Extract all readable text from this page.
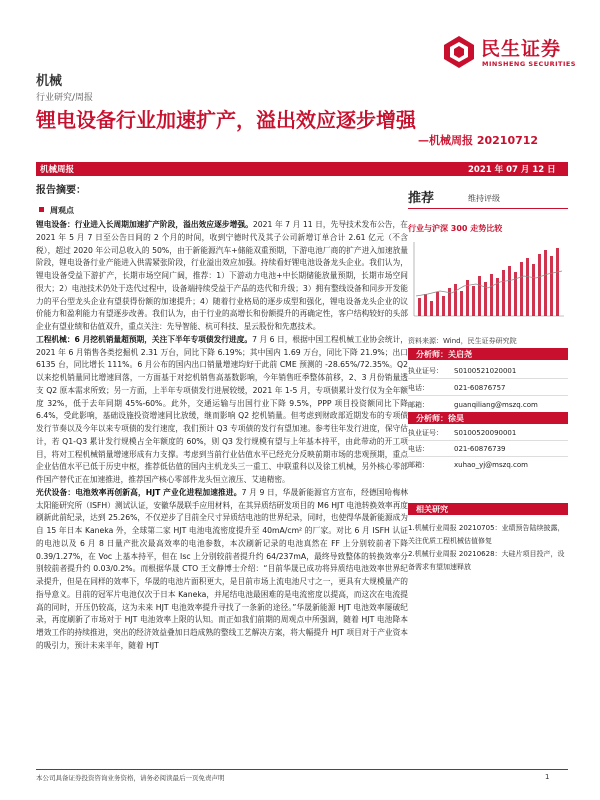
民生证券
MINSHENG SECURITIES
机械
行业研究/周报
锂电设备行业加速扩产，溢出效应逐步增强
—机械周报 20210712
机械周报	2021 年 07 月 12 日
报告摘要：
周观点

锂电设备：行业进入长周期加速扩产阶段，溢出效应逐步增强。2021 年 7 月 11 日，先导技术发布公告，在 2021 年 5 月 7 日至公告日间的 2 个月的时间，收到宁德时代及其子公司新增订单合计 2.61 亿元（不含税），超过 2020 年公司总收入的 50%，由于新能源汽车+储能双重预期，下游电池厂商的扩产进入加速放量阶段，锂电设备行业产能进入供需紧张阶段，行业溢出效应加强。持续看好锂电池设备龙头企业。我们认为，锂电设备受益下游扩产，长期市场空间广阔，推荐：1）下游动力电池+中长期储能放量预期，长期市场空间很大；2）电池技术仍处于迭代过程中，设备端持续受益于产品的迭代和升级；3）拥有整线设备和同步开发能力的平台型龙头企业有望获得份额的加速提升；4）随着行业格局的逐步成型和强化，锂电设备龙头企业的议价能力和盈利能力有望逐步改善。我们认为，由于行业的高增长和份额提升的再确定性，客户结构较好的头部企业有望业绩和估值双升，重点关注：先导智能、杭可科技、星云股份和先惠技术。

工程机械：6 月挖机销量超预期，关注下半年专项债发行进度。7 月 6 日，根据中国工程机械工业协会统计，2021 年 6 月销售各类挖掘机 2.31 万台，同比下降 6.19%；其中国内 1.69 万台，同比下降 21.9%；出口 6135 台，同比增长 111%。6 月公布的国内出口销量增速均好于此前 CME 预测的 -28.65%/72.35%。Q2 以来挖机销量同比增速回落，一方面基于对挖机销售高基数影响，今年销售旺季整体前移，2、3 月份销量透支 Q2 原本需求所致；另一方面，上半年专项债发行进展较缓，2021 年 1-5 月，专项债累计发行仅为全年额度 32%，低于去年同期 45%-60%。此外，交通运输与出国行业下降 9.5%，PPP 项目投资额同比下降 6.4%，受此影响，基础设施投资增速同比放缓，继而影响 Q2 挖机销量。但考虑到财政部近期发布的专项债发行节奏以及今年以来专项债的发行速度，我们预计 Q3 专项债的发行有望加速。参考往年发行进度，保守估计，若 Q1-Q3 累计发行规模占全年额度的 60%，则 Q3 发行规模有望与上年基本持平，由此带动的开工项目，将对工程机械销量增速形成有力支撑。考虑到当前行业估值水平已经充分反映前期市场的悲观预期，重点企业估值水平已低于历史中枢，推荐低估值的国内主机龙头三一重工、中联重科以及徐工机械，另外核心零部件国产替代正在加速推进，推荐国产核心零部件龙头恒立液压、艾迪精密。

光伏设备：电池效率再创新高，HJT 产业化进程加速推进。7 月 9 日，华晟新能源官方宣布，经德国哈梅林太阳能研究所（ISFH）测试认证，安徽华晟联手应用材料，在其异质结研发项目的 M6 HJT 电池转换效率再度刷新此前纪录，达到 25.26%，不仅逆步了目前全尺寸异质结电池的世界纪录，同时，也使得华晟新能源成为自 15 年日本 Kaneka 外，全球第二家 HJT 电池电流密度提升至 40mA/cm² 的厂家。对比 6 月 ISFH 认证的电池以及 6 月 8 日量产批次最高效率的电池参数，本次刷新记录的电池真然在 FF 上分别较前者下降 0.39/1.27%，在 Voc 上基本持平，但在 Isc 上分别较前者提升约 64/237mA，最终导致整体的转换效率分别较前者提升约 0.03/0.2%。而根据华晟 CTO 王文静博士介绍：“目前华晟已成功将异质结电池效率世界纪录提升，但是在同样的效率下，华晟的电池片面积更大，是目前市场上流电池尺寸之一，更具有大规模量产的指导意义。目前的冠军片电池仅次于日本 Kaneka，并尾结电池最困难的是电流密度以提高，而这次在电流提高的同时，开压仍较高，这为未来 HJT 电池效率提升寻找了一条新的途径。”华晟新能源 HJT 电池效率屡破纪录，再度刷新了市场对于 HJT 电池效率上限的认知。而正如我们前期的周观点中所强调，随着 HJT 电池降本增效工作的持续推进，突出的经济效益叠加日趋成熟的整线工艺解决方案，将大幅提升 HJT 项目对于产业资本的吸引力，预计未来半年，随着 HJT

推荐	维持评级
行业与沪深 300 走势比较
资料来源：Wind，民生证券研究院
分析师：关启尧
执业证号： S0100521020001
电话：	021-60876757
邮箱：	guanqiliang@mszq.com
分析师：徐昊
执业证号： S0100520090001
电话：	021-60876739
邮箱：	xuhao_yj@mszq.com
相关研究
1.机械行业周报 20210705：业绩预告陆续披露，关注优质工程机械估值修复
2.机械行业周报 20210628：大硅片项目投产，设备需求有望加速释放
本公司具备证券投资咨询业务资格，请务必阅读最后一页免责声明	1
